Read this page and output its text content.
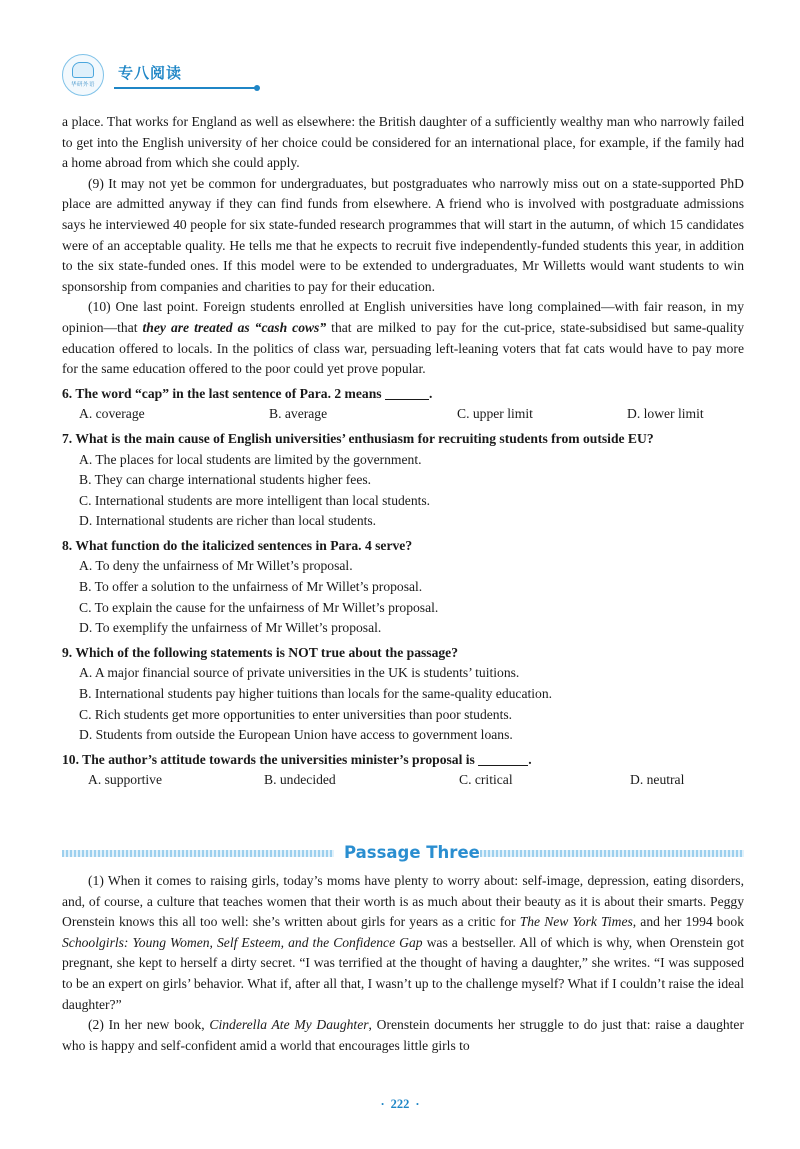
华研外语
专八阅读

a place. That works for England as well as elsewhere: the British daughter of a sufficiently wealthy man who narrowly failed to get into the English university of her choice could be considered for an international place, for example, if the family had a home abroad from which she could apply.

(9) It may not yet be common for undergraduates, but postgraduates who narrowly miss out on a state-supported PhD place are admitted anyway if they can find funds from elsewhere. A friend who is involved with postgraduate admissions says he interviewed 40 people for six state-funded research programmes that will start in the autumn, of which 15 candidates were of an acceptable quality. He tells me that he expects to recruit five independently-funded students this year, in addition to the six state-funded ones. If this model were to be extended to undergraduates, Mr Willetts would want students to win sponsorship from companies and charities to pay for their education.

(10) One last point. Foreign students enrolled at English universities have long complained—with fair reason, in my opinion—that they are treated as “cash cows” that are milked to pay for the cut-price, state-subsidised but same-quality education offered to locals. In the politics of class war, persuading left-leaning voters that fat cats would have to pay more for the same education offered to the poor could yet prove popular.

6. The word “cap” in the last sentence of Para. 2 means	.
A. coverage	B. average	C. upper limit	D. lower limit
7. What is the main cause of English universities’ enthusiasm for recruiting students from outside EU?
A. The places for local students are limited by the government.
B. They can charge international students higher fees.
C. International students are more intelligent than local students.
D. International students are richer than local students.
8. What function do the italicized sentences in Para. 4 serve?
A. To deny the unfairness of Mr Willet’s proposal.
B. To offer a solution to the unfairness of Mr Willet’s proposal.
C. To explain the cause for the unfairness of Mr Willet’s proposal.
D. To exemplify the unfairness of Mr Willet’s proposal.
9. Which of the following statements is NOT true about the passage?
A. A major financial source of private universities in the UK is students’ tuitions.
B. International students pay higher tuitions than locals for the same-quality education.
C. Rich students get more opportunities to enter universities than poor students.
D. Students from outside the European Union have access to government loans.
10. The author’s attitude towards the universities minister’s proposal is	.
A. supportive	B. undecided	C. critical	D. neutral
Passage Three

(1) When it comes to raising girls, today’s moms have plenty to worry about: self-image, depression, eating disorders, and, of course, a culture that teaches women that their worth is as much about their beauty as it is about their smarts. Peggy Orenstein knows this all too well: she’s written about girls for years as a critic for The New York Times, and her 1994 book Schoolgirls: Young Women, Self Esteem, and the Confidence Gap was a bestseller. All of which is why, when Orenstein got pregnant, she kept to herself a dirty secret. “I was terrified at the thought of having a daughter,” she writes. “I was supposed to be an expert on girls’ behavior. What if, after all that, I wasn’t up to the challenge myself? What if I couldn’t raise the ideal daughter?”

(2) In her new book, Cinderella Ate My Daughter, Orenstein documents her struggle to do just that: raise a daughter who is happy and self-confident amid a world that encourages little girls to

· 222 ·
